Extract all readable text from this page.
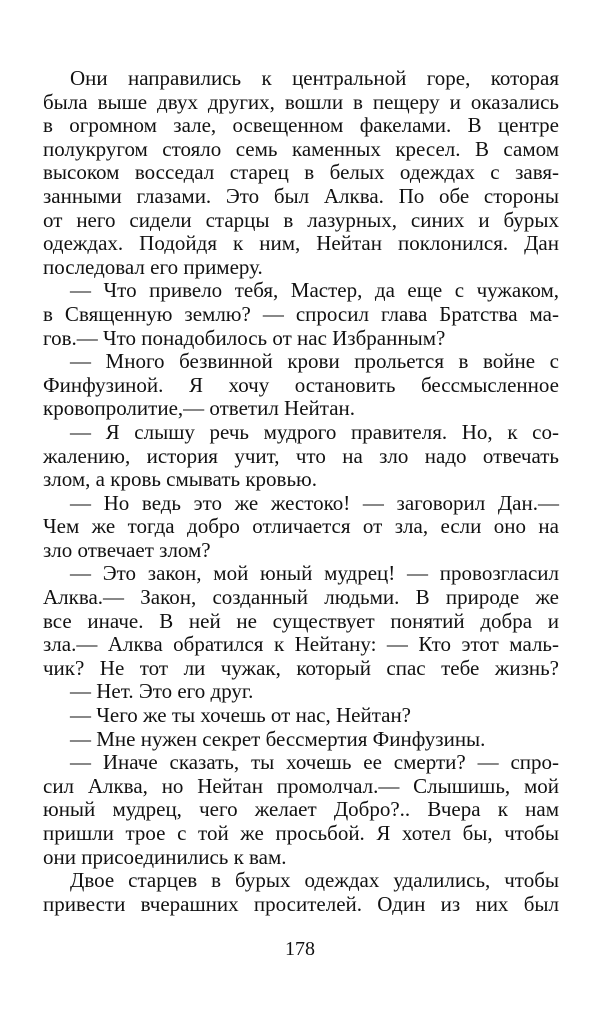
Они направились к центральной горе, которая
была выше двух других, вошли в пещеру и оказались
в огромном зале, освещенном факелами. В центре
полукругом стояло семь каменных кресел. В самом
высоком восседал старец в белых одеждах с завя-
занными глазами. Это был Алква. По обе стороны
от него сидели старцы в лазурных, синих и бурых
одеждах. Подойдя к ним, Нейтан поклонился. Дан
последовал его примеру.
— Что привело тебя, Мастер, да еще с чужаком,
в Священную землю? — спросил глава Братства ма-
гов.— Что понадобилось от нас Избранным?
— Много безвинной крови прольется в войне с
Финфузиной. Я хочу остановить бессмысленное
кровопролитие,— ответил Нейтан.
— Я слышу речь мудрого правителя. Но, к со-
жалению, история учит, что на зло надо отвечать
злом, а кровь смывать кровью.
— Но ведь это же жестоко! — заговорил Дан.—
Чем же тогда добро отличается от зла, если оно на
зло отвечает злом?
— Это закон, мой юный мудрец! — провозгласил
Алква.— Закон, созданный людьми. В природе же
все иначе. В ней не существует понятий добра и
зла.— Алква обратился к Нейтану: — Кто этот маль-
чик? Не тот ли чужак, который спас тебе жизнь?
— Нет. Это его друг.
— Чего же ты хочешь от нас, Нейтан?
— Мне нужен секрет бессмертия Финфузины.
— Иначе сказать, ты хочешь ее смерти? — спро-
сил Алква, но Нейтан промолчал.— Слышишь, мой
юный мудрец, чего желает Добро?.. Вчера к нам
пришли трое с той же просьбой. Я хотел бы, чтобы
они присоединились к вам.
Двое старцев в бурых одеждах удалились, чтобы
привести вчерашних просителей. Один из них был
178
